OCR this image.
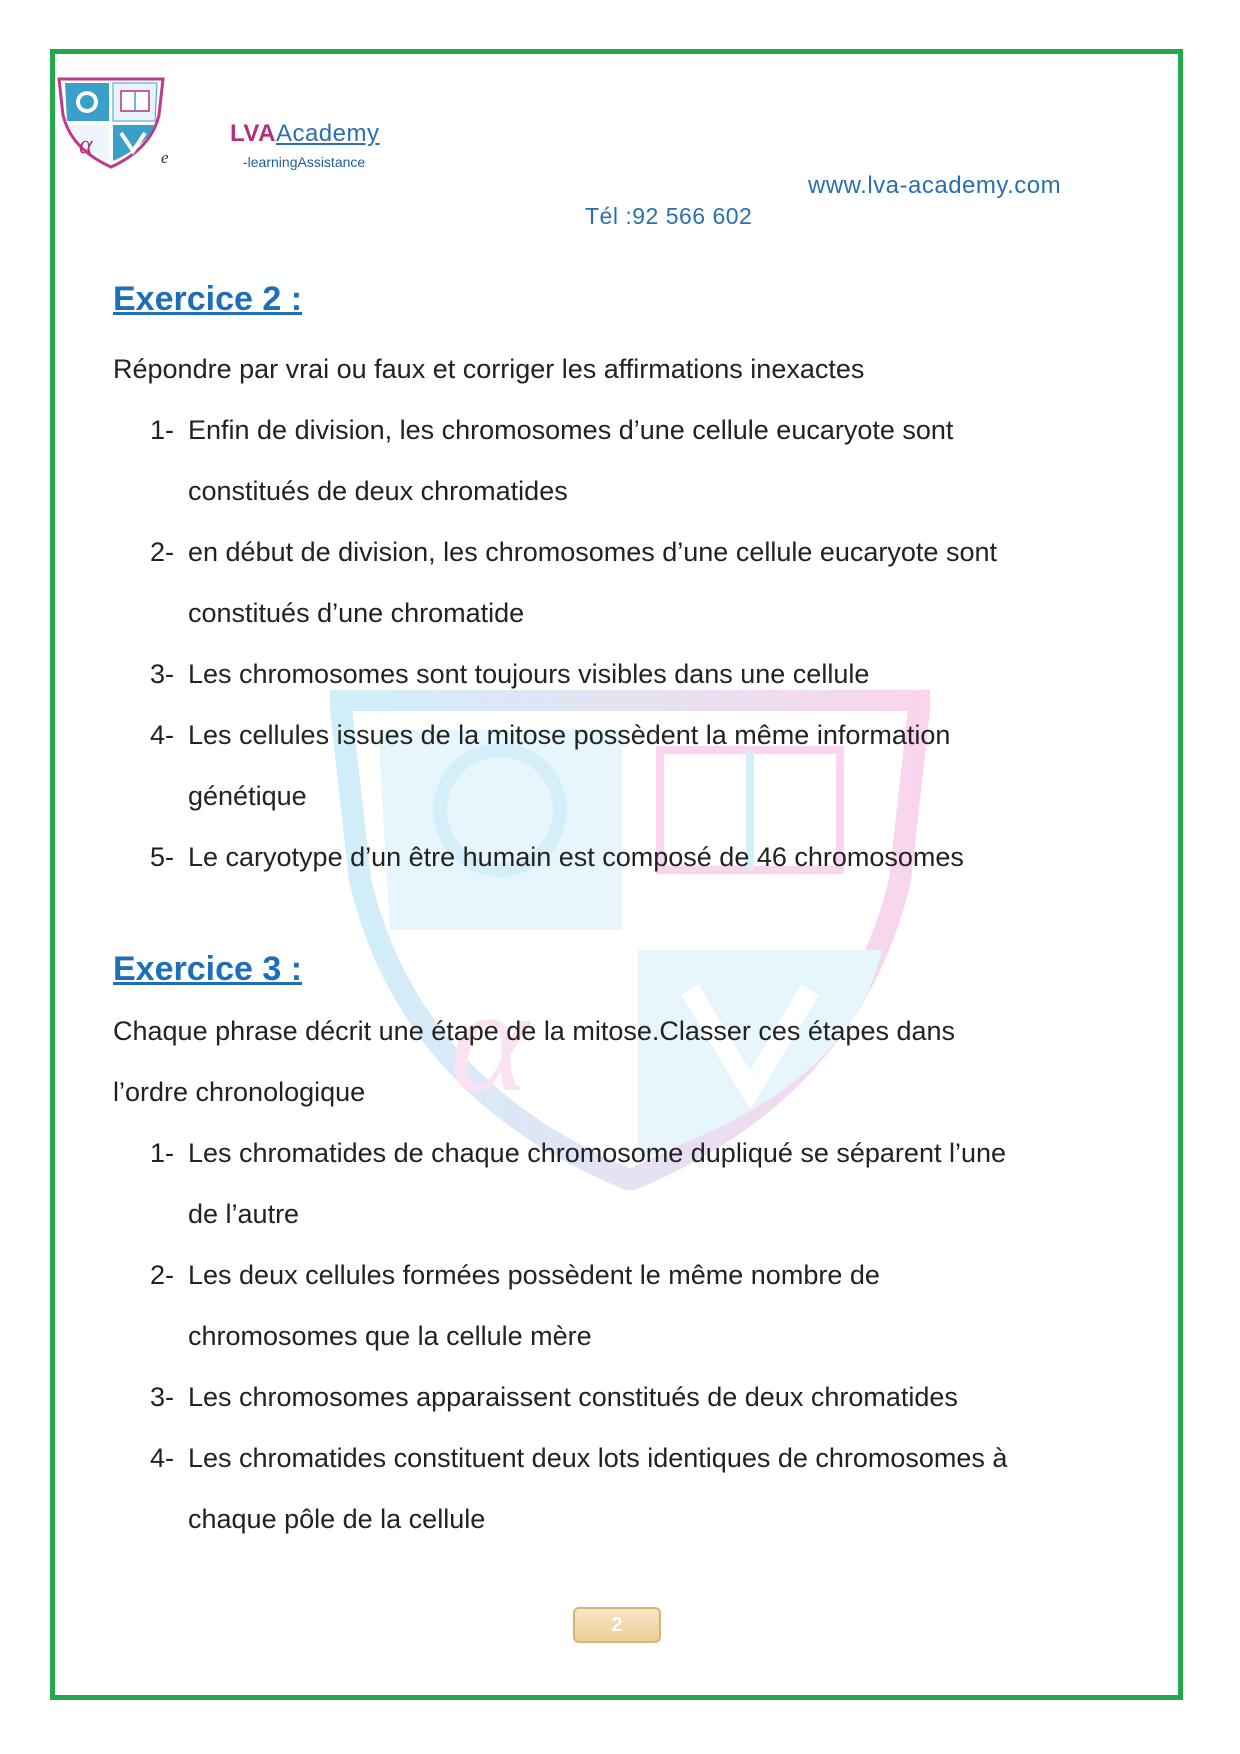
α	e
LVAAcademy
-learningAssistance
www.lva-academy.com
Tél :92 566 602
α
Exercice 2 :

Répondre par vrai ou faux et corriger les affirmations inexactes

1- Enfin de division, les chromosomes d’une cellule eucaryote sont
constitués de deux chromatides
2- en début de division, les chromosomes d’une cellule eucaryote sont
constitués d’une chromatide
3- Les chromosomes sont toujours visibles dans une cellule
4- Les cellules issues de la mitose possèdent la même information
génétique
5- Le caryotype d’un être humain est composé de 46 chromosomes
Exercice 3 :

Chaque phrase décrit une étape de la mitose.Classer ces étapes dans
l’ordre chronologique

1- Les chromatides de chaque chromosome dupliqué se séparent l’une
de l’autre
2- Les deux cellules formées possèdent le même nombre de
chromosomes que la cellule mère
3- Les chromosomes apparaissent constitués de deux chromatides
4- Les chromatides constituent deux lots identiques de chromosomes à
chaque pôle de la cellule
2
